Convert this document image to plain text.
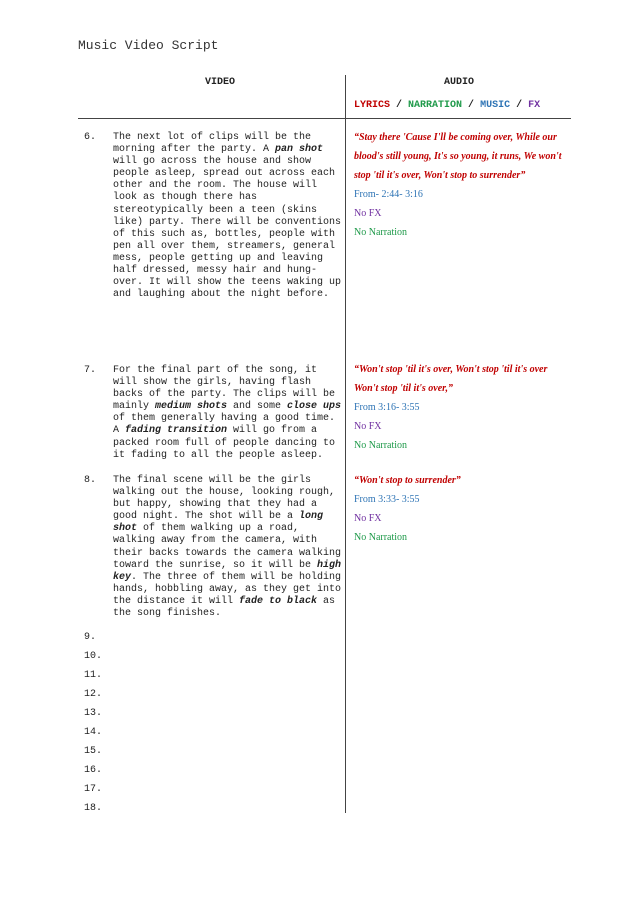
Music Video Script
VIDEO	AUDIO
LYRICS / NARRATION / MUSIC / FX
6. The next lot of clips will be the morning after the party. A pan shot will go across the house and show people asleep, spread out across each other and the room. The house will look as though there has stereotypically been a teen (skins like) party. There will be conventions of this such as, bottles, people with pen all over them, streamers, general mess, people getting up and leaving half dressed, messy hair and hung-over. It will show the teens waking up and laughing about the night before.
“Stay there 'Cause I'll be coming over, While our blood's still young, It's so young, it runs, We won't stop 'til it's over, Won't stop to surrender”
From- 2:44- 3:16
No FX
No Narration
7. For the final part of the song, it will show the girls, having flash backs of the party. The clips will be mainly medium shots and some close ups of them generally having a good time. A fading transition will go from a packed room full of people dancing to it fading to all the people asleep.
“Won't stop 'til it's over, Won't stop 'til it's over Won't stop 'til it's over,”
From 3:16- 3:55
No FX
No Narration
8. The final scene will be the girls walking out the house, looking rough, but happy, showing that they had a good night. The shot will be a long shot of them walking up a road, walking away from the camera, with their backs towards the camera walking toward the sunrise, so it will be high key. The three of them will be holding hands, hobbling away, as they get into the distance it will fade to black as the song finishes.
“Won't stop to surrender”
From 3:33- 3:55
No FX
No Narration
9.
10.
11.
12.
13.
14.
15.
16.
17.
18.
